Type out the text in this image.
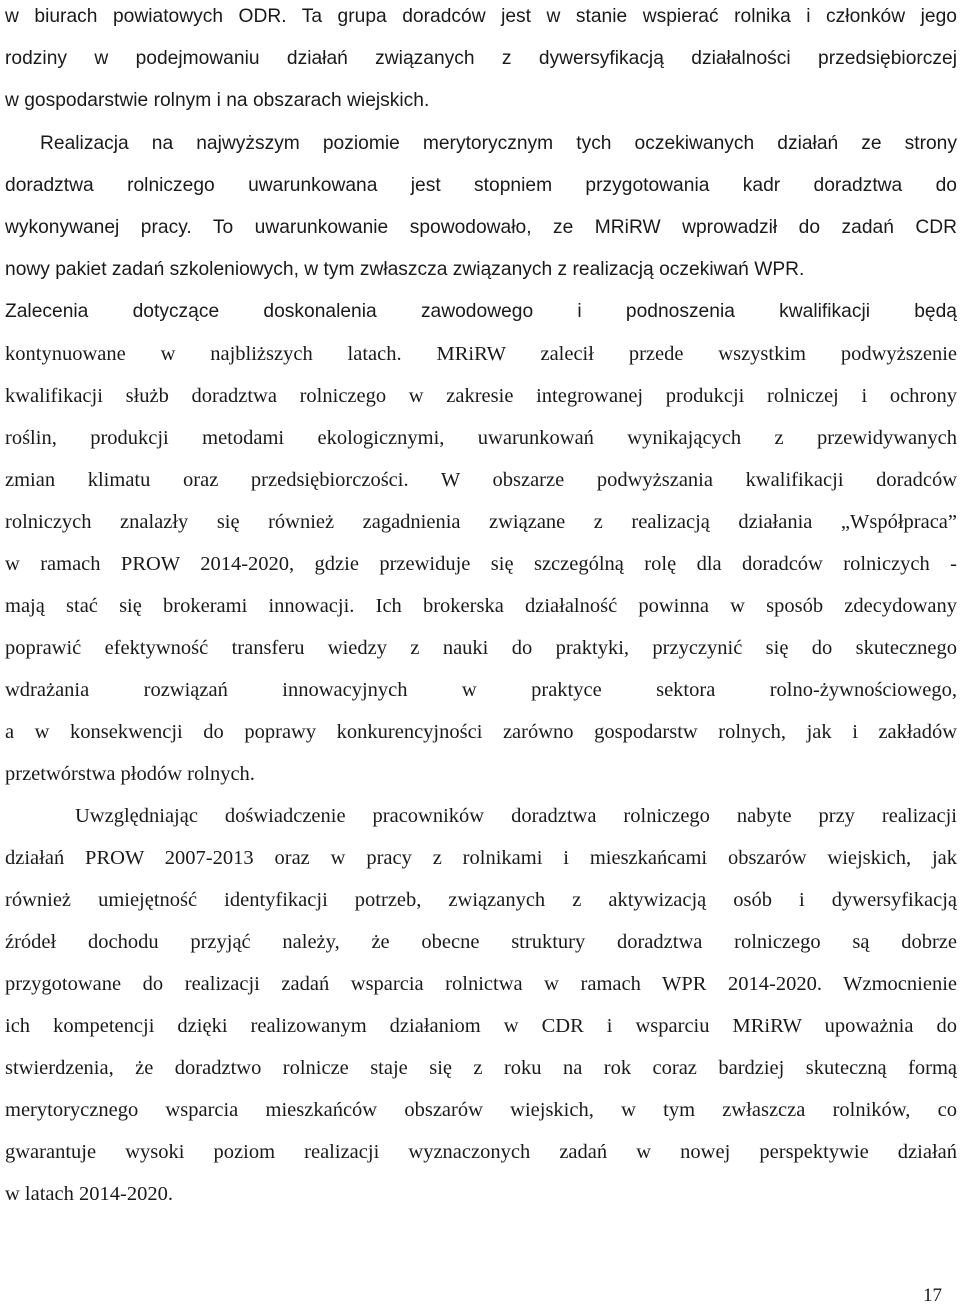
w biurach powiatowych ODR. Ta grupa doradców jest w stanie wspierać rolnika i członków jego
rodziny w podejmowaniu działań związanych z dywersyfikacją działalności przedsiębiorczej
w gospodarstwie rolnym i na obszarach wiejskich.
Realizacja na najwyższym poziomie merytorycznym tych oczekiwanych działań ze strony
doradztwa rolniczego uwarunkowana jest stopniem przygotowania kadr doradztwa do
wykonywanej pracy. To uwarunkowanie spowodowało, ze MRiRW wprowadził do zadań CDR
nowy pakiet zadań szkoleniowych, w tym zwłaszcza związanych z realizacją oczekiwań WPR.
Zalecenia dotyczące doskonalenia zawodowego i podnoszenia kwalifikacji będą
kontynuowane w najbliższych latach. MRiRW zalecił przede wszystkim podwyższenie
kwalifikacji służb doradztwa rolniczego w zakresie integrowanej produkcji rolniczej i ochrony
roślin, produkcji metodami ekologicznymi, uwarunkowań wynikających z przewidywanych
zmian klimatu oraz przedsiębiorczości. W obszarze podwyższania kwalifikacji doradców
rolniczych znalazły się również zagadnienia związane z realizacją działania „Współpraca”
w ramach PROW 2014-2020, gdzie przewiduje się szczególną rolę dla doradców rolniczych -
mają stać się brokerami innowacji. Ich brokerska działalność powinna w sposób zdecydowany
poprawić efektywność transferu wiedzy z nauki do praktyki, przyczynić się do skutecznego
wdrażania rozwiązań innowacyjnych w praktyce sektora rolno-żywnościowego,
a w konsekwencji do poprawy konkurencyjności zarówno gospodarstw rolnych, jak i zakładów
przetwórstwa płodów rolnych.
Uwzględniając doświadczenie pracowników doradztwa rolniczego nabyte przy realizacji
działań PROW 2007-2013 oraz w pracy z rolnikami i mieszkańcami obszarów wiejskich, jak
również umiejętność identyfikacji potrzeb, związanych z aktywizacją osób i dywersyfikacją
źródeł dochodu przyjąć należy, że obecne struktury doradztwa rolniczego są dobrze
przygotowane do realizacji zadań wsparcia rolnictwa w ramach WPR 2014-2020. Wzmocnienie
ich kompetencji dzięki realizowanym działaniom w CDR i wsparciu MRiRW upoważnia do
stwierdzenia, że doradztwo rolnicze staje się z roku na rok coraz bardziej skuteczną formą
merytorycznego wsparcia mieszkańców obszarów wiejskich, w tym zwłaszcza rolników, co
gwarantuje wysoki poziom realizacji wyznaczonych zadań w nowej perspektywie działań
w latach 2014-2020.
17
